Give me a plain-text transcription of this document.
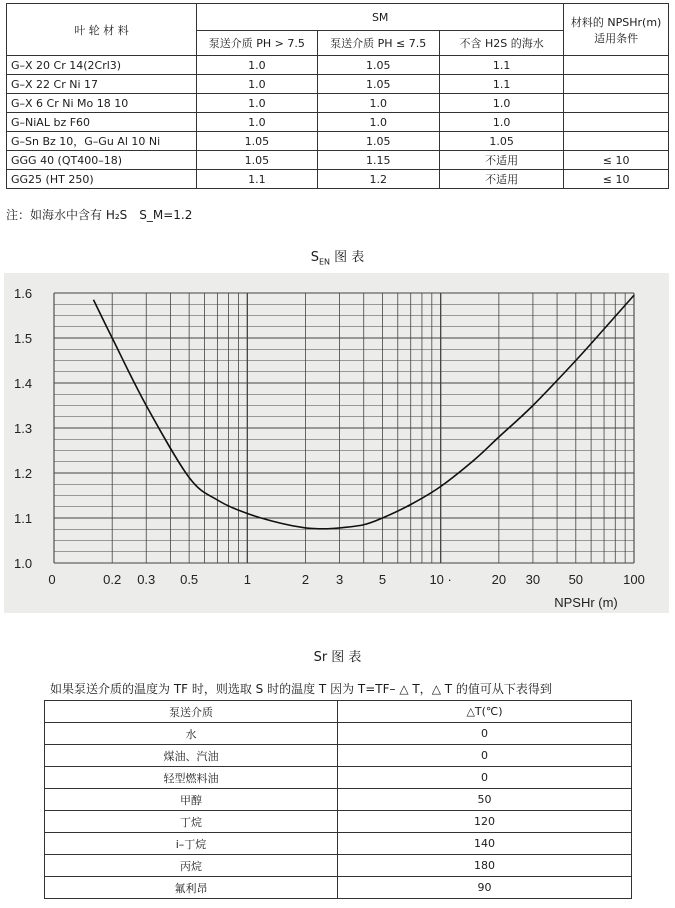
叶 轮 材 料	SM			材料的 NPSHr(m)
适用条件

	泵送介质 PH > 7.5	泵送介质 PH ≤ 7.5	不含 H2S 的海水	
G–X 20 Cr 14(2Crl3)	1.0	1.05	1.1	
G–X 22 Cr Ni 17	1.0	1.05	1.1	
G–X 6 Cr Ni Mo 18 10	1.0	1.0	1.0	
G–NiAL bz F60	1.0	1.0	1.0	
G–Sn Bz 10，G–Gu Al 10 Ni	1.05	1.05	1.05	
GGG 40 (QT400–18)	1.05	1.15	不适用	≤ 10
GG25 (HT 250)	1.1	1.2	不适用	≤ 10
注：如海水中含有 H₂S　S_M=1.2
$S_{EN}$ 图 表
1.0
1.1
1.2
1.3
1.4
1.5
1.6
0	0.2 0.3 0.5	1	2 3	5	10 ·	20 30 50	100
NPSHr (m)
Sr 图 表
如果泵送介质的温度为 TF 时，则选取 S 时的温度 T 因为 T=TF– △ T，△ T 的值可从下表得到
泵送介质	△T(℃)
水	0
煤油、汽油	0
轻型燃料油	0
甲醇	50
丁烷	120
i–丁烷	140
丙烷	180
氟利昂	90
